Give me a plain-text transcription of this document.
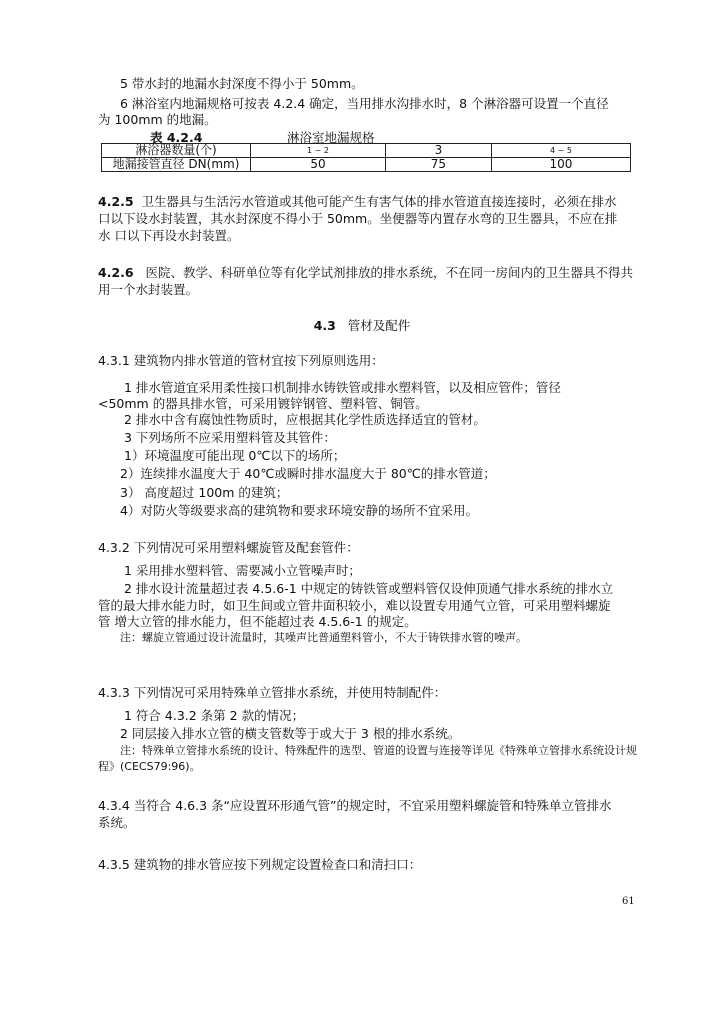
5 带水封的地漏水封深度不得小于 50mm。
6 淋浴室内地漏规格可按表 4.2.4 确定，当用排水沟排水时，8 个淋浴器可设置一个直径
为 100mm 的地漏。
表 4.2.4	淋浴室地漏规格
淋浴器数量(个)	1 ~ 2	3	4 ~ 5
地漏接管直径 DN(mm)	50	75	100
4.2.5 卫生器具与生活污水管道或其他可能产生有害气体的排水管道直接连接时，必须在排水
口以下设水封装置，其水封深度不得小于 50mm。坐便器等内置存水弯的卫生器具，不应在排
水 口以下再设水封装置。
4.2.6 医院、教学、科研单位等有化学试剂排放的排水系统，不在同一房间内的卫生器具不得共
用一个水封装置。
4.3 管材及配件
4.3.1 建筑物内排水管道的管材宜按下列原则选用：
1 排水管道宜采用柔性接口机制排水铸铁管或排水塑料管，以及相应管件；管径
<50mm 的器具排水管，可采用镀锌钢管、塑料管、铜管。
2 排水中含有腐蚀性物质时，应根据其化学性质选择适宜的管材。
3 下列场所不应采用塑料管及其管件：
1）环境温度可能出现 0℃以下的场所；
2）连续排水温度大于 40℃或瞬时排水温度大于 80℃的排水管道；
3） 高度超过 100m 的建筑；
4）对防火等级要求高的建筑物和要求环境安静的场所不宜采用。
4.3.2 下列情况可采用塑料螺旋管及配套管件：
1 采用排水塑料管、需要减小立管噪声时；
2 排水设计流量超过表 4.5.6-1 中规定的铸铁管或塑料管仅设伸顶通气排水系统的排水立
管的最大排水能力时，如卫生间或立管井面积较小，难以设置专用通气立管，可采用塑料螺旋
管 增大立管的排水能力，但不能超过表 4.5.6-1 的规定。
注：螺旋立管通过设计流量时，其噪声比普通塑料管小，不大于铸铁排水管的噪声。
4.3.3 下列情况可采用特殊单立管排水系统，并使用特制配件：
1 符合 4.3.2 条第 2 款的情况；
2 同层接入排水立管的横支管数等于或大于 3 根的排水系统。
注：特殊单立管排水系统的设计、特殊配件的选型、管道的设置与连接等详见《特殊单立管排水系统设计规
程》(CECS79:96)。
4.3.4 当符合 4.6.3 条“应设置环形通气管”的规定时，不宜采用塑料螺旋管和特殊单立管排水
系统。
4.3.5 建筑物的排水管应按下列规定设置检查口和清扫口：
61
